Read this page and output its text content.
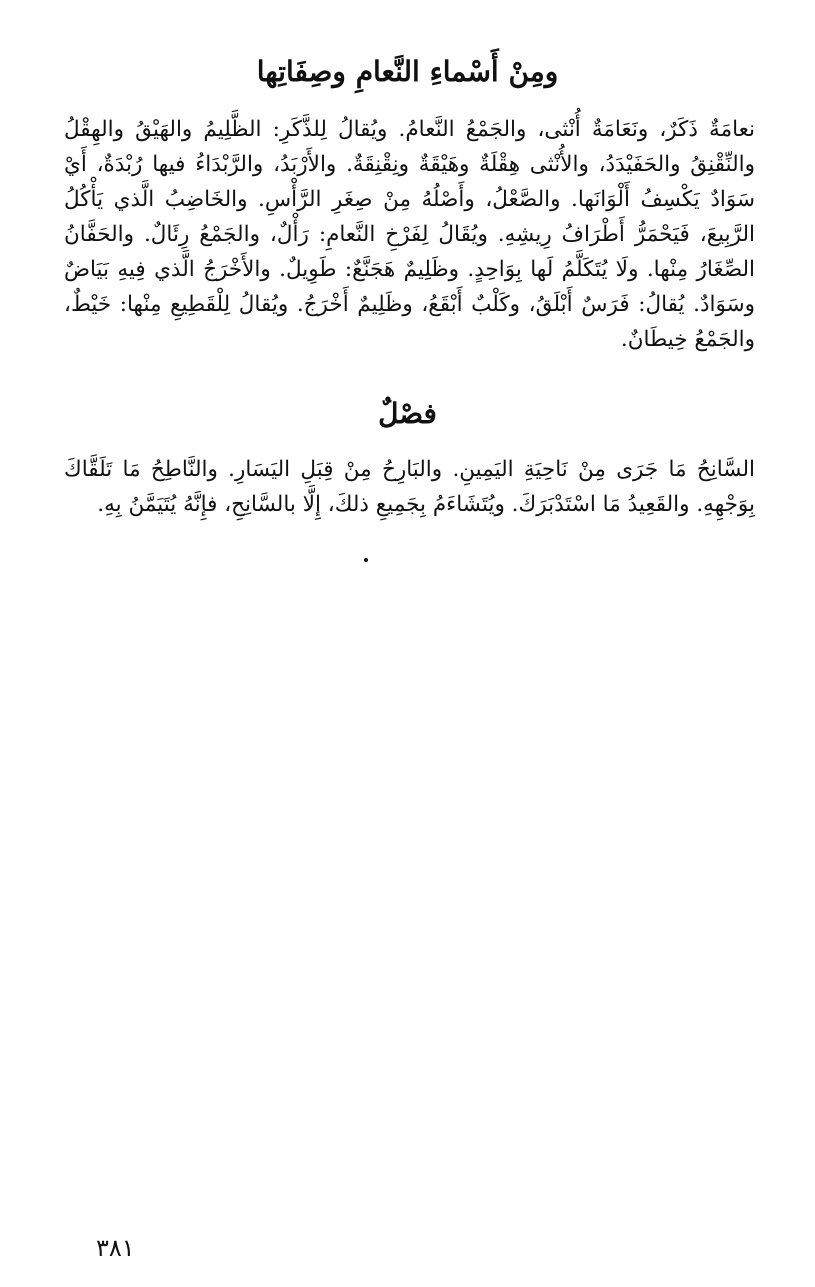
ومِنْ أَسْماءِ النَّعامِ وصِفَاتِها

نعامَةٌ ذَكَرٌ، ونَعَامَةٌ أُنْثى، والجَمْعُ النَّعامُ. ويُقالُ لِلذَّكَرِ: الظَّلِيمُ والهَيْقُ والهِقْلُ والنِّقْنِقُ والحَفَيْدَدُ، والأُنْثى هِقْلَةٌ وهَيْقَةٌ ونِقْنِقَةٌ. والأَرْبَدُ، والرَّبْدَاءُ فيها رُبْدَةٌ، أَيْ سَوَادٌ يَكْسِفُ أَلْوَانَها. والصَّعْلُ، وأَصْلُهُ مِنْ صِغَرِ الرَّأْسِ. والخَاضِبُ الَّذي يَأْكُلُ الرَّبِيعَ، فَيَحْمَرُّ أَطْرَافُ رِيشِهِ. ويُقَالُ لِفَرْخِ النَّعامِ: رَأْلٌ، والجَمْعُ رِئَالٌ. والحَفَّانُ الصِّغَارُ مِنْها. ولَا يُتَكَلَّمُ لَها بِوَاحِدٍ. وظَلِيمٌ هَجَنَّعٌ: طَوِيلٌ. والأَخْرَجُ الَّذي فِيهِ بَيَاضٌ وسَوَادٌ. يُقالُ: فَرَسٌ أَبْلَقُ، وكَلْبٌ أَبْقَعُ، وظَلِيمٌ أَخْرَجُ. ويُقالُ لِلْقَطِيعِ مِنْها: خَيْطٌ، والجَمْعُ خِيطَانٌ.

فصْلٌ

السَّانِحُ مَا جَرَى مِنْ نَاحِيَةِ اليَمِينِ. والبَارِحُ مِنْ قِبَلِ اليَسَارِ. والنَّاطِحُ مَا تَلَقَّاكَ بِوَجْهِهِ. والقَعِيدُ مَا اسْتَدْبَرَكَ. ويُتَشَاءَمُ بِجَمِيعِ ذلكَ، إِلَّا بالسَّانِحِ، فإِنَّهُ يُتَيَمَّنُ بِهِ.

٣٨١
